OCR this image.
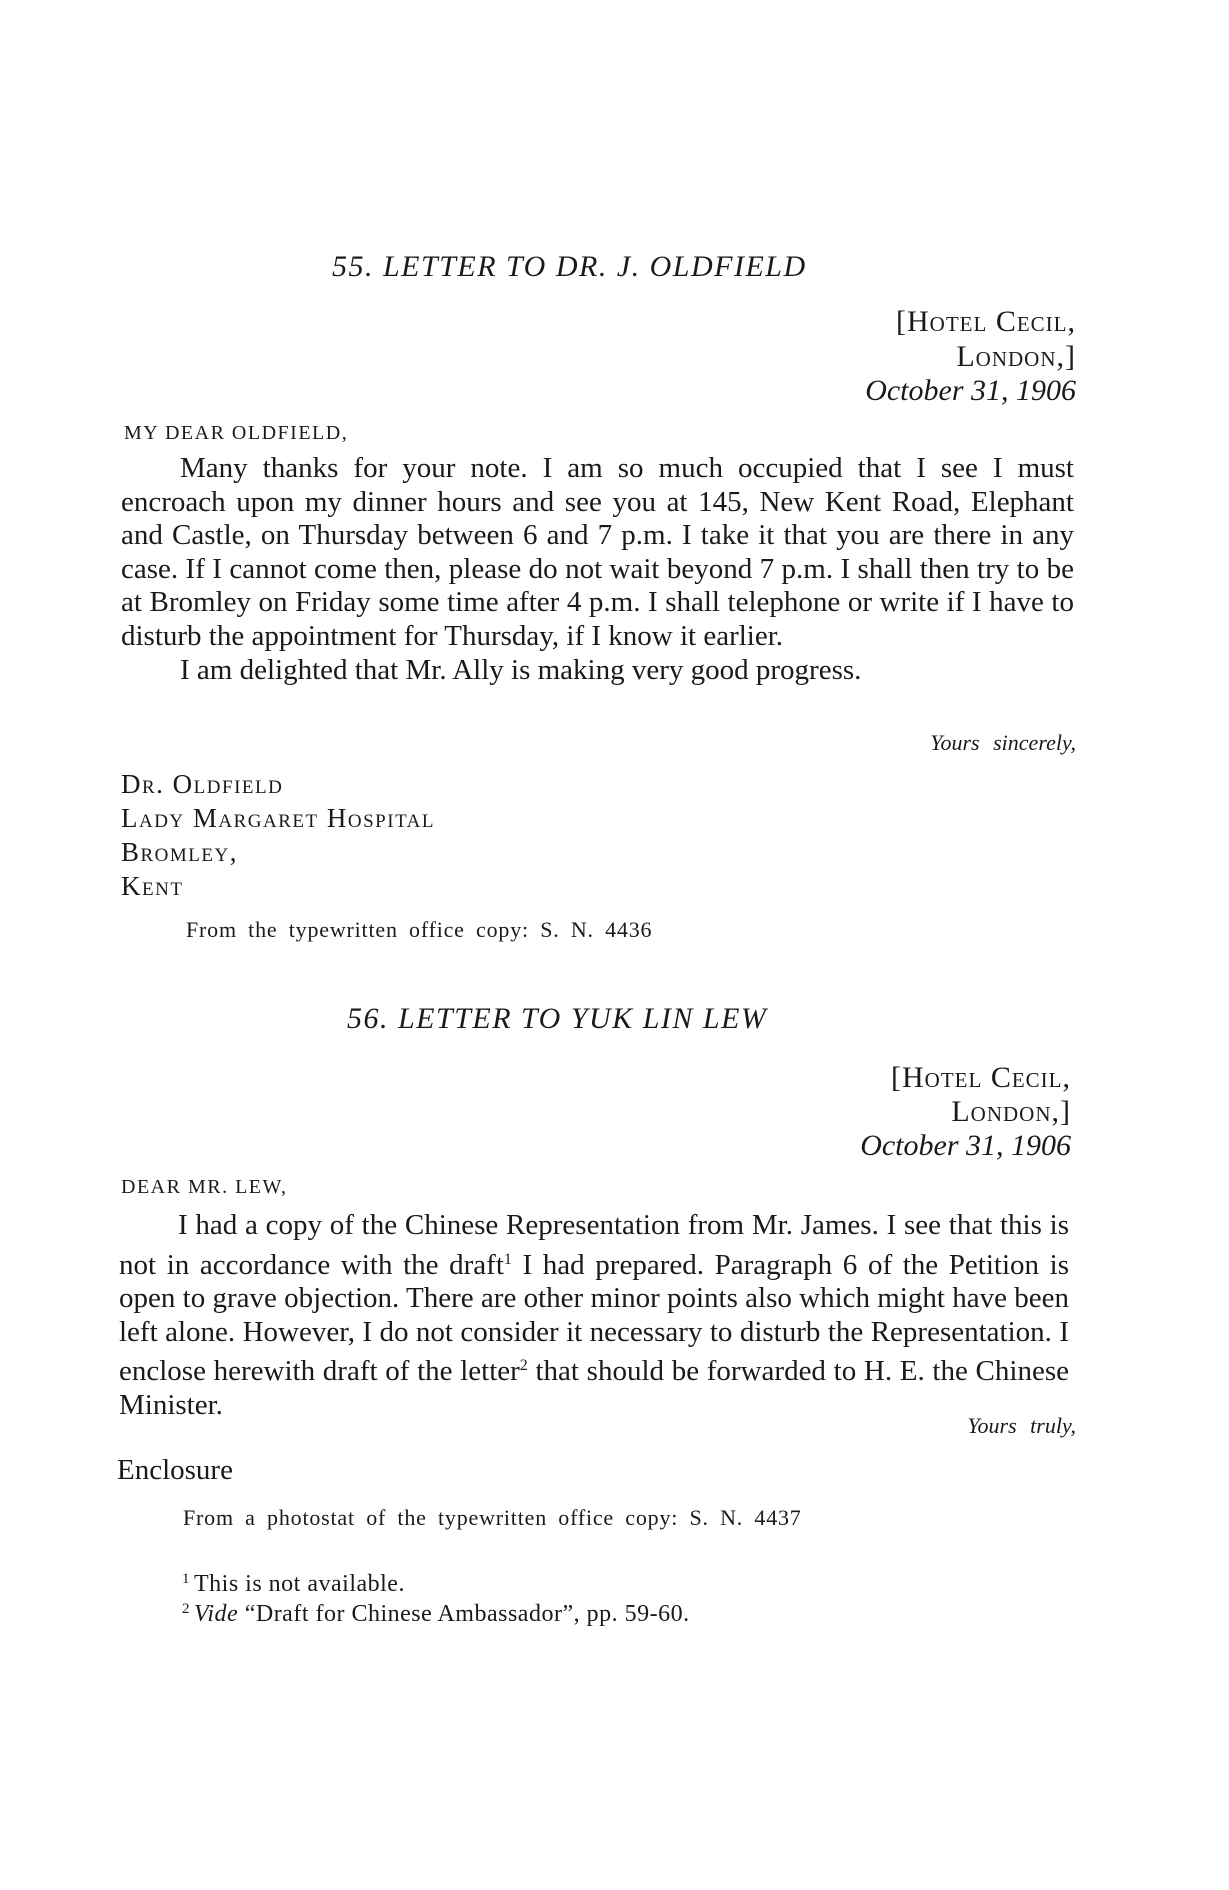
55. LETTER TO DR. J. OLDFIELD
[Hotel Cecil,
London,]
October 31, 1906
MY DEAR OLDFIELD,

Many thanks for your note. I am so much occupied that I see I must encroach upon my dinner hours and see you at 145, New Kent Road, Elephant and Castle, on Thursday between 6 and 7 p.m. I take it that you are there in any case. If I cannot come then, please do not wait beyond 7 p.m. I shall then try to be at Bromley on Friday some time after 4 p.m. I shall telephone or write if I have to disturb the appointment for Thursday, if I know it earlier.

I am delighted that Mr. Ally is making very good progress.

Yours sincerely,
Dr. Oldfield
Lady Margaret Hospital
Bromley,
Kent
From the typewritten office copy: S. N. 4436
56. LETTER TO YUK LIN LEW
[Hotel Cecil,
London,]
October 31, 1906
DEAR MR. LEW,

I had a copy of the Chinese Representation from Mr. James. I see that this is not in accordance with the draft$^1$ I had prepared. Paragraph 6 of the Petition is open to grave objection. There are other minor points also which might have been left alone. However, I do not consider it necessary to disturb the Representation. I enclose herewith draft of the letter$^2$ that should be forwarded to H. E. the Chinese Minister.

Yours truly,
Enclosure
From a photostat of the typewritten office copy: S. N. 4437
$^1$ This is not available.
$^2$ Vide “Draft for Chinese Ambassador”, pp. 59-60.
